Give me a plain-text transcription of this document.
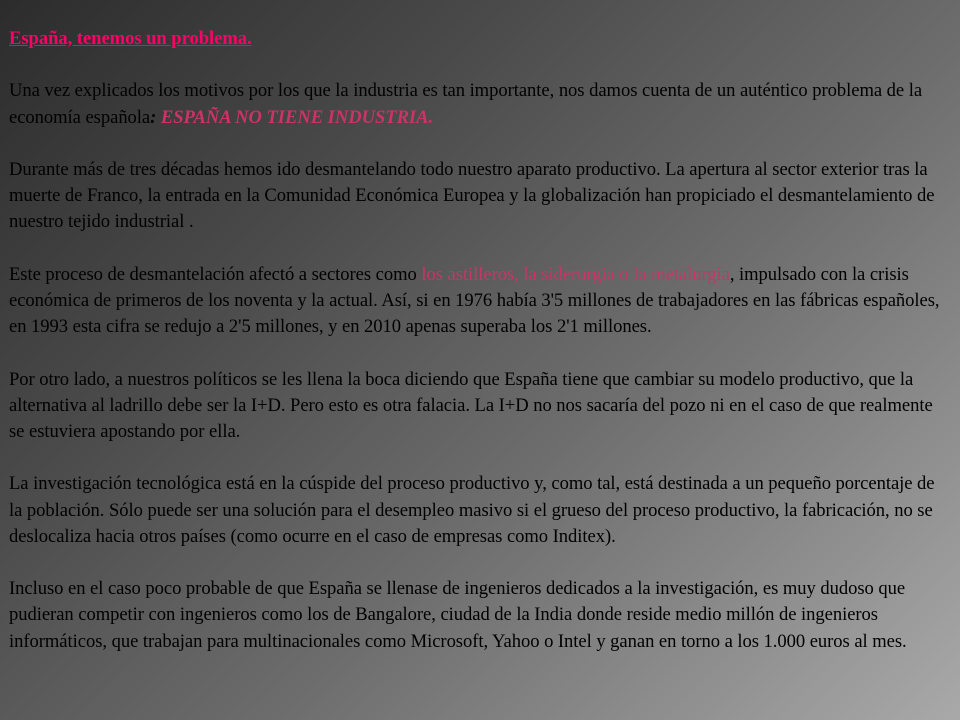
España, tenemos un problema.

Una vez explicados los motivos por los que la industria es tan importante, nos damos cuenta de un auténtico problema de la economía española: ESPAÑA NO TIENE INDUSTRIA.

Durante más de tres décadas hemos ido desmantelando todo nuestro aparato productivo. La apertura al sector exterior tras la muerte de Franco, la entrada en la Comunidad Económica Europea y la globalización han propiciado el desmantelamiento de nuestro tejido industrial .

Este proceso de desmantelación afectó a sectores como los astilleros, la siderurgia o la metalurgia, impulsado con la crisis económica de primeros de los noventa y la actual. Así, si en 1976 había 3'5 millones de trabajadores en las fábricas españoles, en 1993 esta cifra se redujo a 2'5 millones, y en 2010 apenas superaba los 2'1 millones.

Por otro lado, a nuestros políticos se les llena la boca diciendo que España tiene que cambiar su modelo productivo, que la alternativa al ladrillo debe ser la I+D. Pero esto es otra falacia. La I+D no nos sacaría del pozo ni en el caso de que realmente se estuviera apostando por ella.

La investigación tecnológica está en la cúspide del proceso productivo y, como tal, está destinada a un pequeño porcentaje de la población. Sólo puede ser una solución para el desempleo masivo si el grueso del proceso productivo, la fabricación, no se deslocaliza hacia otros países (como ocurre en el caso de empresas como Inditex).

Incluso en el caso poco probable de que España se llenase de ingenieros dedicados a la investigación, es muy dudoso que pudieran competir con ingenieros como los de Bangalore, ciudad de la India donde reside medio millón de ingenieros informáticos, que trabajan para multinacionales como Microsoft, Yahoo o Intel y ganan en torno a los 1.000 euros al mes.
